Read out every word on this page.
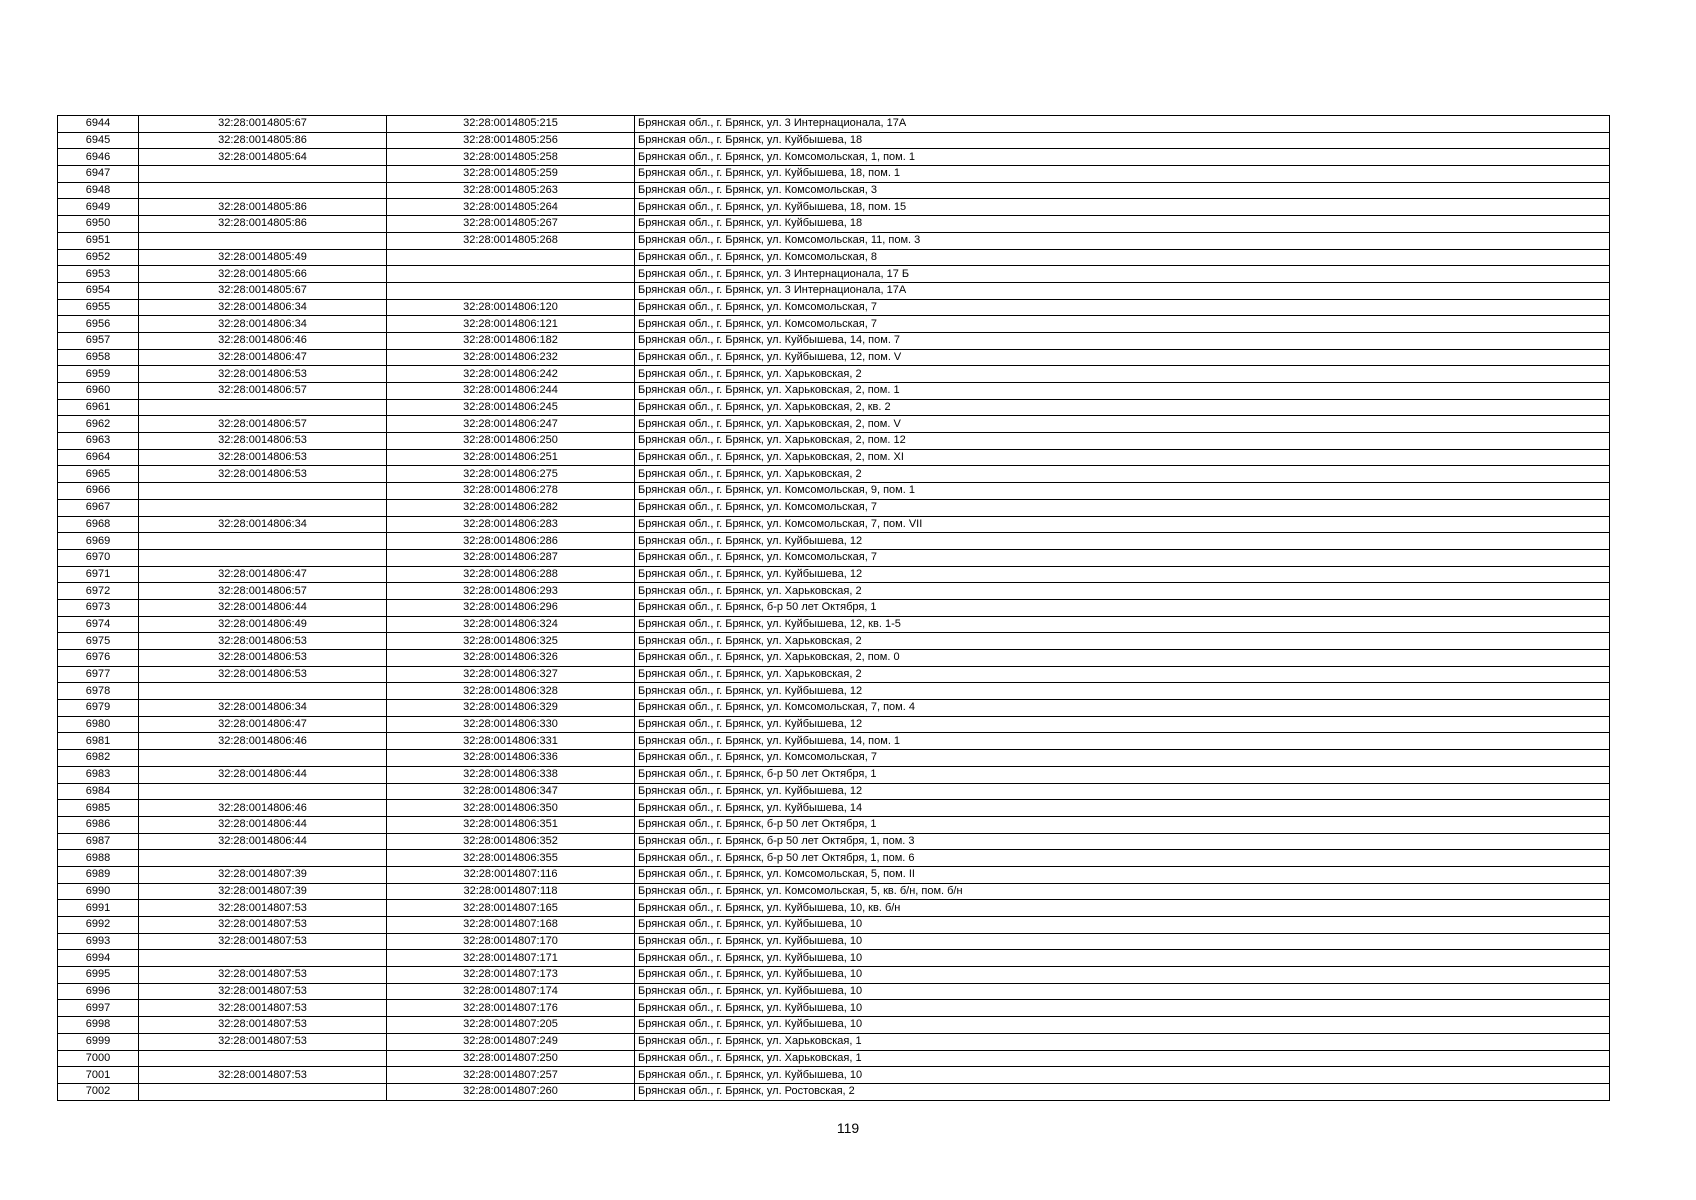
6944	32:28:0014805:67	32:28:0014805:215	Брянская обл., г. Брянск, ул. 3 Интернационала, 17А
6945	32:28:0014805:86	32:28:0014805:256	Брянская обл., г. Брянск, ул. Куйбышева, 18
6946	32:28:0014805:64	32:28:0014805:258	Брянская обл., г. Брянск, ул. Комсомольская, 1, пом. 1
6947		32:28:0014805:259	Брянская обл., г. Брянск, ул. Куйбышева, 18, пом. 1
6948		32:28:0014805:263	Брянская обл., г. Брянск, ул. Комсомольская, 3
6949	32:28:0014805:86	32:28:0014805:264	Брянская обл., г. Брянск, ул. Куйбышева, 18, пом. 15
6950	32:28:0014805:86	32:28:0014805:267	Брянская обл., г. Брянск, ул. Куйбышева, 18
6951		32:28:0014805:268	Брянская обл., г. Брянск, ул. Комсомольская, 11, пом. 3
6952	32:28:0014805:49		Брянская обл., г. Брянск, ул. Комсомольская, 8
6953	32:28:0014805:66		Брянская обл., г. Брянск, ул. 3 Интернационала, 17 Б
6954	32:28:0014805:67		Брянская обл., г. Брянск, ул. 3 Интернационала, 17А
6955	32:28:0014806:34	32:28:0014806:120	Брянская обл., г. Брянск, ул. Комсомольская, 7
6956	32:28:0014806:34	32:28:0014806:121	Брянская обл., г. Брянск, ул. Комсомольская, 7
6957	32:28:0014806:46	32:28:0014806:182	Брянская обл., г. Брянск, ул. Куйбышева, 14, пом. 7
6958	32:28:0014806:47	32:28:0014806:232	Брянская обл., г. Брянск, ул. Куйбышева, 12, пом. V
6959	32:28:0014806:53	32:28:0014806:242	Брянская обл., г. Брянск, ул. Харьковская, 2
6960	32:28:0014806:57	32:28:0014806:244	Брянская обл., г. Брянск, ул. Харьковская, 2, пом. 1
6961		32:28:0014806:245	Брянская обл., г. Брянск, ул. Харьковская, 2, кв. 2
6962	32:28:0014806:57	32:28:0014806:247	Брянская обл., г. Брянск, ул. Харьковская, 2, пом. V
6963	32:28:0014806:53	32:28:0014806:250	Брянская обл., г. Брянск, ул. Харьковская, 2, пом. 12
6964	32:28:0014806:53	32:28:0014806:251	Брянская обл., г. Брянск, ул. Харьковская, 2, пом. XI
6965	32:28:0014806:53	32:28:0014806:275	Брянская обл., г. Брянск, ул. Харьковская, 2
6966		32:28:0014806:278	Брянская обл., г. Брянск, ул. Комсомольская, 9, пом. 1
6967		32:28:0014806:282	Брянская обл., г. Брянск, ул. Комсомольская, 7
6968	32:28:0014806:34	32:28:0014806:283	Брянская обл., г. Брянск, ул. Комсомольская, 7, пом. VII
6969		32:28:0014806:286	Брянская обл., г. Брянск, ул. Куйбышева, 12
6970		32:28:0014806:287	Брянская обл., г. Брянск, ул. Комсомольская, 7
6971	32:28:0014806:47	32:28:0014806:288	Брянская обл., г. Брянск, ул. Куйбышева, 12
6972	32:28:0014806:57	32:28:0014806:293	Брянская обл., г. Брянск, ул. Харьковская, 2
6973	32:28:0014806:44	32:28:0014806:296	Брянская обл., г. Брянск, б-р 50 лет Октября, 1
6974	32:28:0014806:49	32:28:0014806:324	Брянская обл., г. Брянск, ул. Куйбышева, 12, кв. 1-5
6975	32:28:0014806:53	32:28:0014806:325	Брянская обл., г. Брянск, ул. Харьковская, 2
6976	32:28:0014806:53	32:28:0014806:326	Брянская обл., г. Брянск, ул. Харьковская, 2, пом. 0
6977	32:28:0014806:53	32:28:0014806:327	Брянская обл., г. Брянск, ул. Харьковская, 2
6978		32:28:0014806:328	Брянская обл., г. Брянск, ул. Куйбышева, 12
6979	32:28:0014806:34	32:28:0014806:329	Брянская обл., г. Брянск, ул. Комсомольская, 7, пом. 4
6980	32:28:0014806:47	32:28:0014806:330	Брянская обл., г. Брянск, ул. Куйбышева, 12
6981	32:28:0014806:46	32:28:0014806:331	Брянская обл., г. Брянск, ул. Куйбышева, 14, пом. 1
6982		32:28:0014806:336	Брянская обл., г. Брянск, ул. Комсомольская, 7
6983	32:28:0014806:44	32:28:0014806:338	Брянская обл., г. Брянск, б-р 50 лет Октября, 1
6984		32:28:0014806:347	Брянская обл., г. Брянск, ул. Куйбышева, 12
6985	32:28:0014806:46	32:28:0014806:350	Брянская обл., г. Брянск, ул. Куйбышева, 14
6986	32:28:0014806:44	32:28:0014806:351	Брянская обл., г. Брянск, б-р 50 лет Октября, 1
6987	32:28:0014806:44	32:28:0014806:352	Брянская обл., г. Брянск, б-р 50 лет Октября, 1, пом. 3
6988		32:28:0014806:355	Брянская обл., г. Брянск, б-р 50 лет Октября, 1, пом. 6
6989	32:28:0014807:39	32:28:0014807:116	Брянская обл., г. Брянск, ул. Комсомольская, 5, пом. II
6990	32:28:0014807:39	32:28:0014807:118	Брянская обл., г. Брянск, ул. Комсомольская, 5, кв. б/н, пом. б/н
6991	32:28:0014807:53	32:28:0014807:165	Брянская обл., г. Брянск, ул. Куйбышева, 10, кв. б/н
6992	32:28:0014807:53	32:28:0014807:168	Брянская обл., г. Брянск, ул. Куйбышева, 10
6993	32:28:0014807:53	32:28:0014807:170	Брянская обл., г. Брянск, ул. Куйбышева, 10
6994		32:28:0014807:171	Брянская обл., г. Брянск, ул. Куйбышева, 10
6995	32:28:0014807:53	32:28:0014807:173	Брянская обл., г. Брянск, ул. Куйбышева, 10
6996	32:28:0014807:53	32:28:0014807:174	Брянская обл., г. Брянск, ул. Куйбышева, 10
6997	32:28:0014807:53	32:28:0014807:176	Брянская обл., г. Брянск, ул. Куйбышева, 10
6998	32:28:0014807:53	32:28:0014807:205	Брянская обл., г. Брянск, ул. Куйбышева, 10
6999	32:28:0014807:53	32:28:0014807:249	Брянская обл., г. Брянск, ул. Харьковская, 1
7000		32:28:0014807:250	Брянская обл., г. Брянск, ул. Харьковская, 1
7001	32:28:0014807:53	32:28:0014807:257	Брянская обл., г. Брянск, ул. Куйбышева, 10
7002		32:28:0014807:260	Брянская обл., г. Брянск, ул. Ростовская, 2
119
